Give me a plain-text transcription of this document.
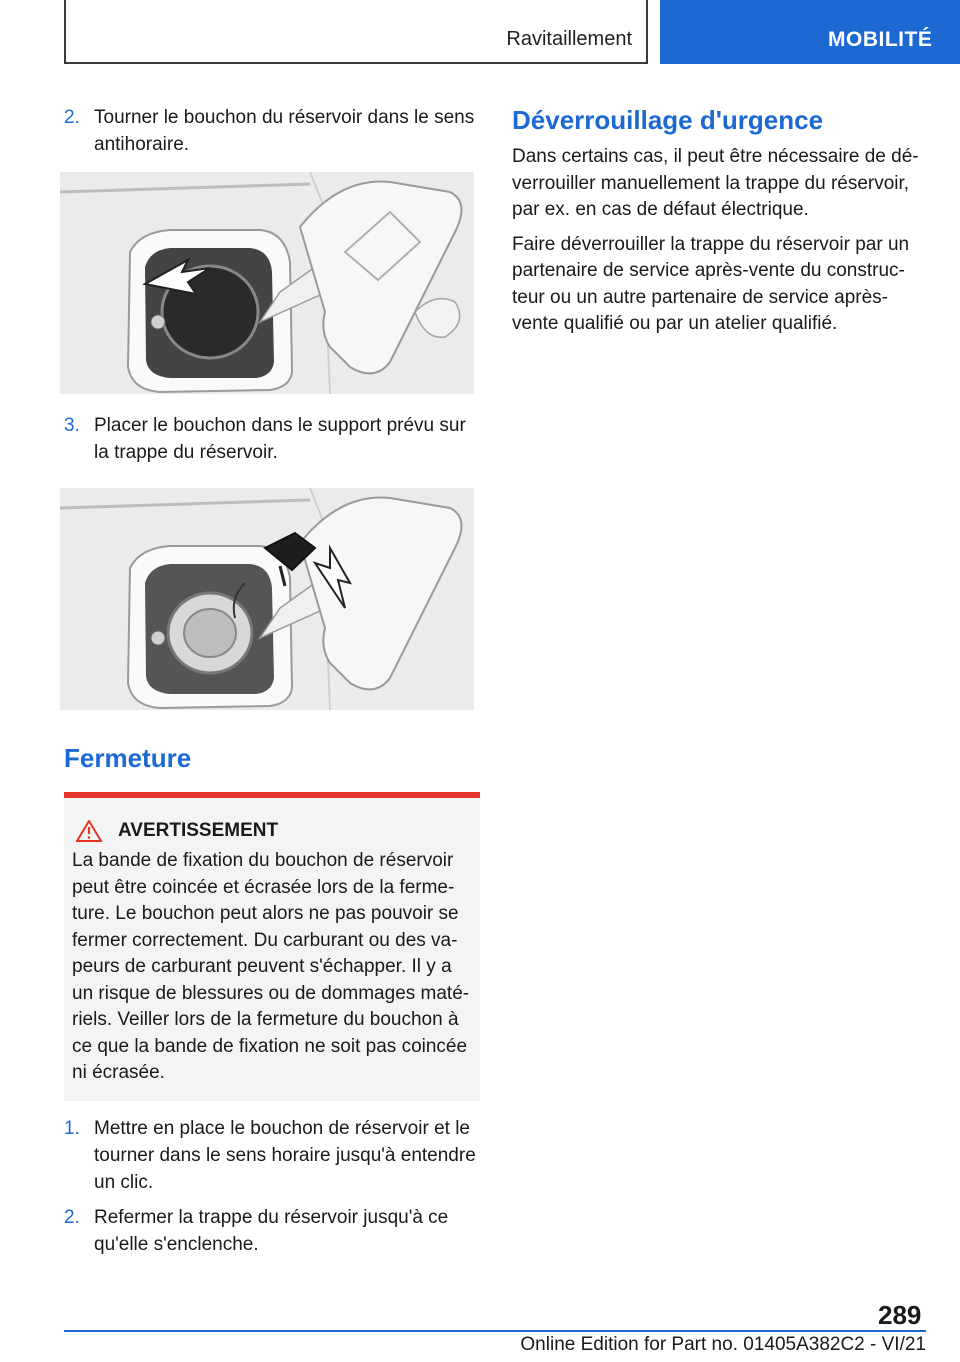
Ravitaillement	MOBILITÉ
2. Tourner le bouchon du réservoir dans le sens antihoraire.
3. Placer le bouchon dans le support prévu sur la trappe du réservoir.
Fermeture
AVERTISSEMENT
La bande de fixation du bouchon de réservoir peut être coincée et écrasée lors de la ferme-ture. Le bouchon peut alors ne pas pouvoir se fermer correctement. Du carburant ou des va-peurs de carburant peuvent s'échapper. Il y a un risque de blessures ou de dommages maté-riels. Veiller lors de la fermeture du bouchon à ce que la bande de fixation ne soit pas coincée ni écrasée.
1. Mettre en place le bouchon de réservoir et le tourner dans le sens horaire jusqu'à entendre un clic.
2. Refermer la trappe du réservoir jusqu'à ce qu'elle s'enclenche.
Déverrouillage d'urgence
Dans certains cas, il peut être nécessaire de dé-verrouiller manuellement la trappe du réservoir, par ex. en cas de défaut électrique.
Faire déverrouiller la trappe du réservoir par un partenaire de service après-vente du construc-teur ou un autre partenaire de service après-vente qualifié ou par un atelier qualifié.
289
Online Edition for Part no. 01405A382C2 - VI/21
